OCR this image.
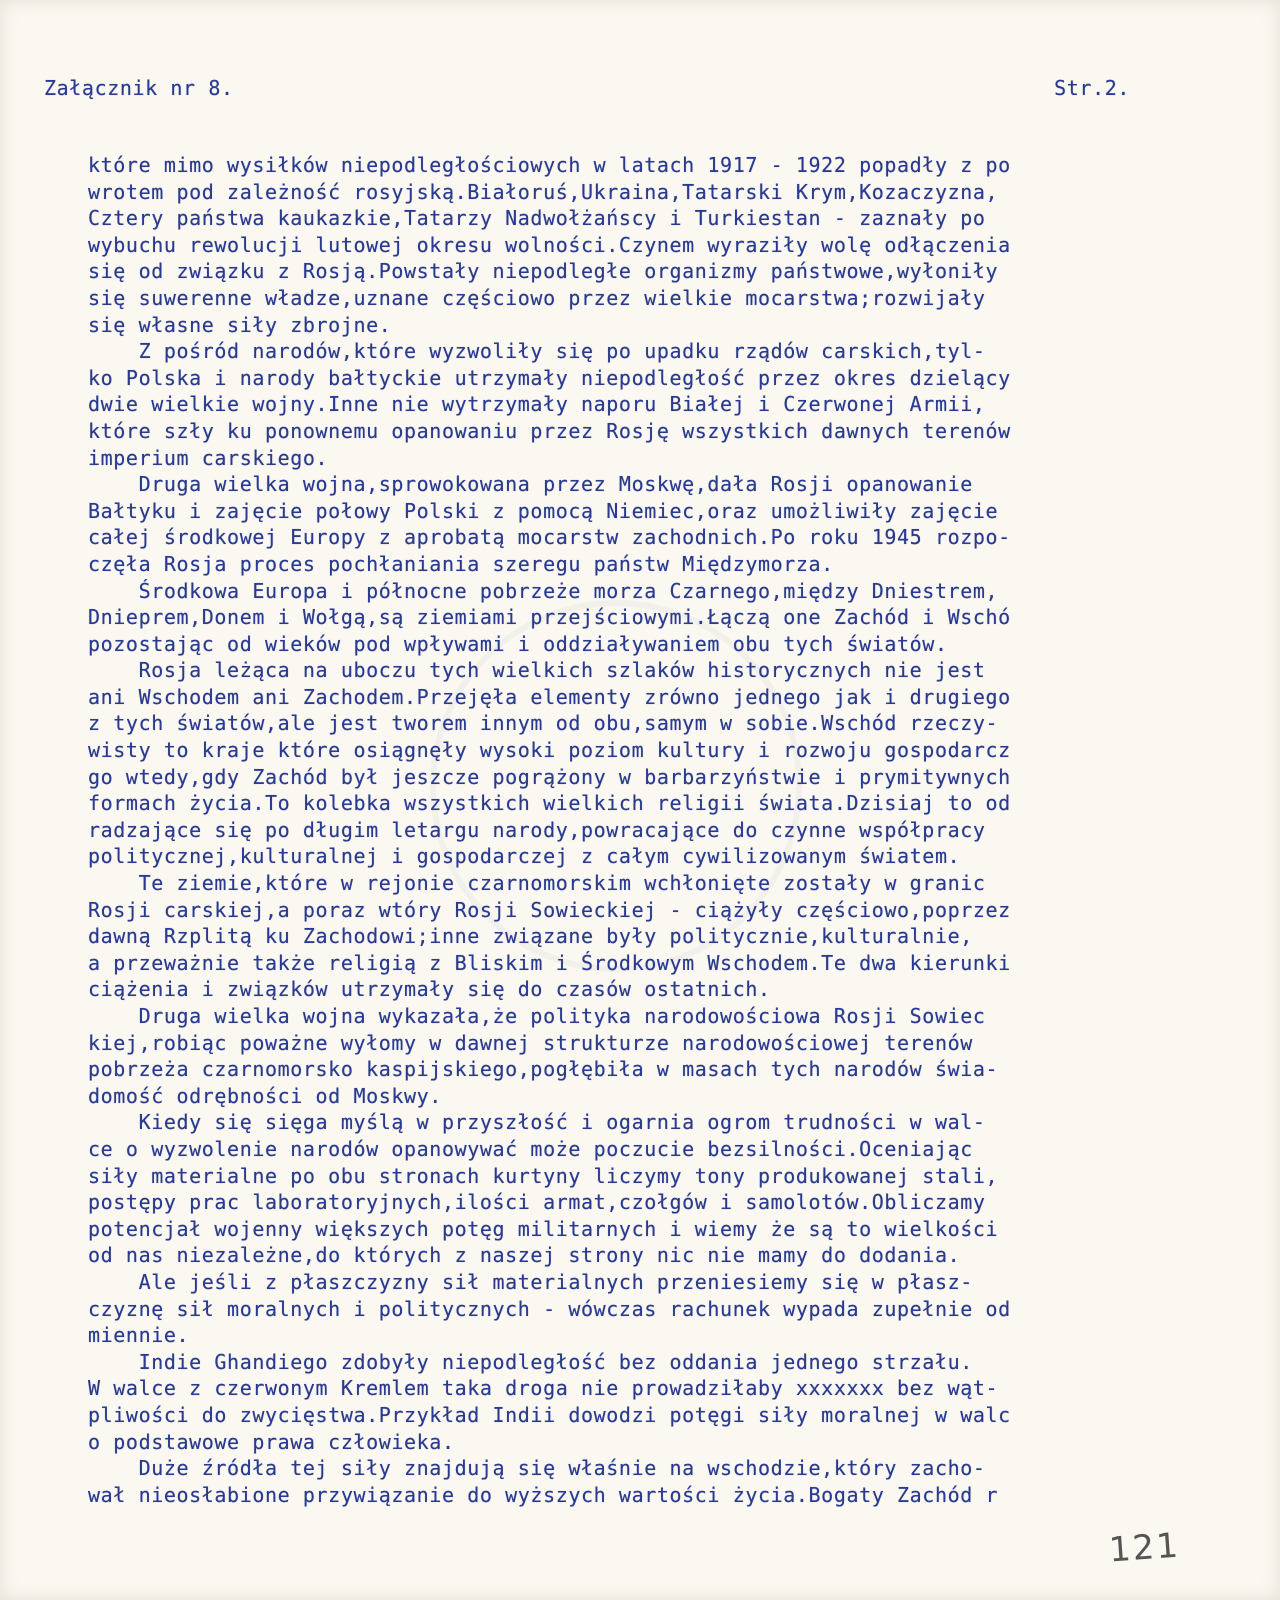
Załącznik nr 8.	Str.2.
które mimo wysiłków niepodległościowych w latach 1917 - 1922 popadły z po
wrotem pod zależność rosyjską.Białoruś,Ukraina,Tatarski Krym,Kozaczyzna,
Cztery państwa kaukazkie,Tatarzy Nadwołżańscy i Turkiestan - zaznały po
wybuchu rewolucji lutowej okresu wolności.Czynem wyraziły wolę odłączenia
się od związku z Rosją.Powstały niepodległe organizmy państwowe,wyłoniły
się suwerenne władze,uznane częściowo przez wielkie mocarstwa;rozwijały
się własne siły zbrojne.
Z pośród narodów,które wyzwoliły się po upadku rządów carskich,tyl-
ko Polska i narody bałtyckie utrzymały niepodległość przez okres dzielący
dwie wielkie wojny.Inne nie wytrzymały naporu Białej i Czerwonej Armii,
które szły ku ponownemu opanowaniu przez Rosję wszystkich dawnych terenów
imperium carskiego.
Druga wielka wojna,sprowokowana przez Moskwę,dała Rosji opanowanie
Bałtyku i zajęcie połowy Polski z pomocą Niemiec,oraz umożliwiły zajęcie
całej środkowej Europy z aprobatą mocarstw zachodnich.Po roku 1945 rozpo-
częła Rosja proces pochłaniania szeregu państw Międzymorza.
Środkowa Europa i północne pobrzeże morza Czarnego,między Dniestrem,
Dnieprem,Donem i Wołgą,są ziemiami przejściowymi.Łączą one Zachód i Wschó
pozostając od wieków pod wpływami i oddziaływaniem obu tych światów.
Rosja leżąca na uboczu tych wielkich szlaków historycznych nie jest
ani Wschodem ani Zachodem.Przejęła elementy zrówno jednego jak i drugiego
z tych światów,ale jest tworem innym od obu,samym w sobie.Wschód rzeczy-
wisty to kraje które osiągnęły wysoki poziom kultury i rozwoju gospodarcz
go wtedy,gdy Zachód był jeszcze pogrążony w barbarzyństwie i prymitywnych
formach życia.To kolebka wszystkich wielkich religii świata.Dzisiaj to od
radzające się po długim letargu narody,powracające do czynne współpracy
politycznej,kulturalnej i gospodarczej z całym cywilizowanym światem.
Te ziemie,które w rejonie czarnomorskim wchłonięte zostały w granic
Rosji carskiej,a poraz wtóry Rosji Sowieckiej - ciążyły częściowo,poprzez
dawną Rzplitą ku Zachodowi;inne związane były politycznie,kulturalnie,
a przeważnie także religią z Bliskim i Środkowym Wschodem.Te dwa kierunki
ciążenia i związków utrzymały się do czasów ostatnich.
Druga wielka wojna wykazała,że polityka narodowościowa Rosji Sowiec
kiej,robiąc poważne wyłomy w dawnej strukturze narodowościowej terenów
pobrzeża czarnomorsko kaspijskiego,pogłębiła w masach tych narodów świa-
domość odrębności od Moskwy.
Kiedy się sięga myślą w przyszłość i ogarnia ogrom trudności w wal-
ce o wyzwolenie narodów opanowywać może poczucie bezsilności.Oceniając
siły materialne po obu stronach kurtyny liczymy tony produkowanej stali,
postępy prac laboratoryjnych,ilości armat,czołgów i samolotów.Obliczamy
potencjał wojenny większych potęg militarnych i wiemy że są to wielkości
od nas niezależne,do których z naszej strony nic nie mamy do dodania.
Ale jeśli z płaszczyzny sił materialnych przeniesiemy się w płasz-
czyznę sił moralnych i politycznych - wówczas rachunek wypada zupełnie od
miennie.
Indie Ghandiego zdobyły niepodległość bez oddania jednego strzału.
W walce z czerwonym Kremlem taka droga nie prowadziłaby xxxxxxx bez wąt-
pliwości do zwycięstwa.Przykład Indii dowodzi potęgi siły moralnej w walc
o podstawowe prawa człowieka.
Duże źródła tej siły znajdują się właśnie na wschodzie,który zacho-
wał nieosłabione przywiązanie do wyższych wartości życia.Bogaty Zachód r
121
